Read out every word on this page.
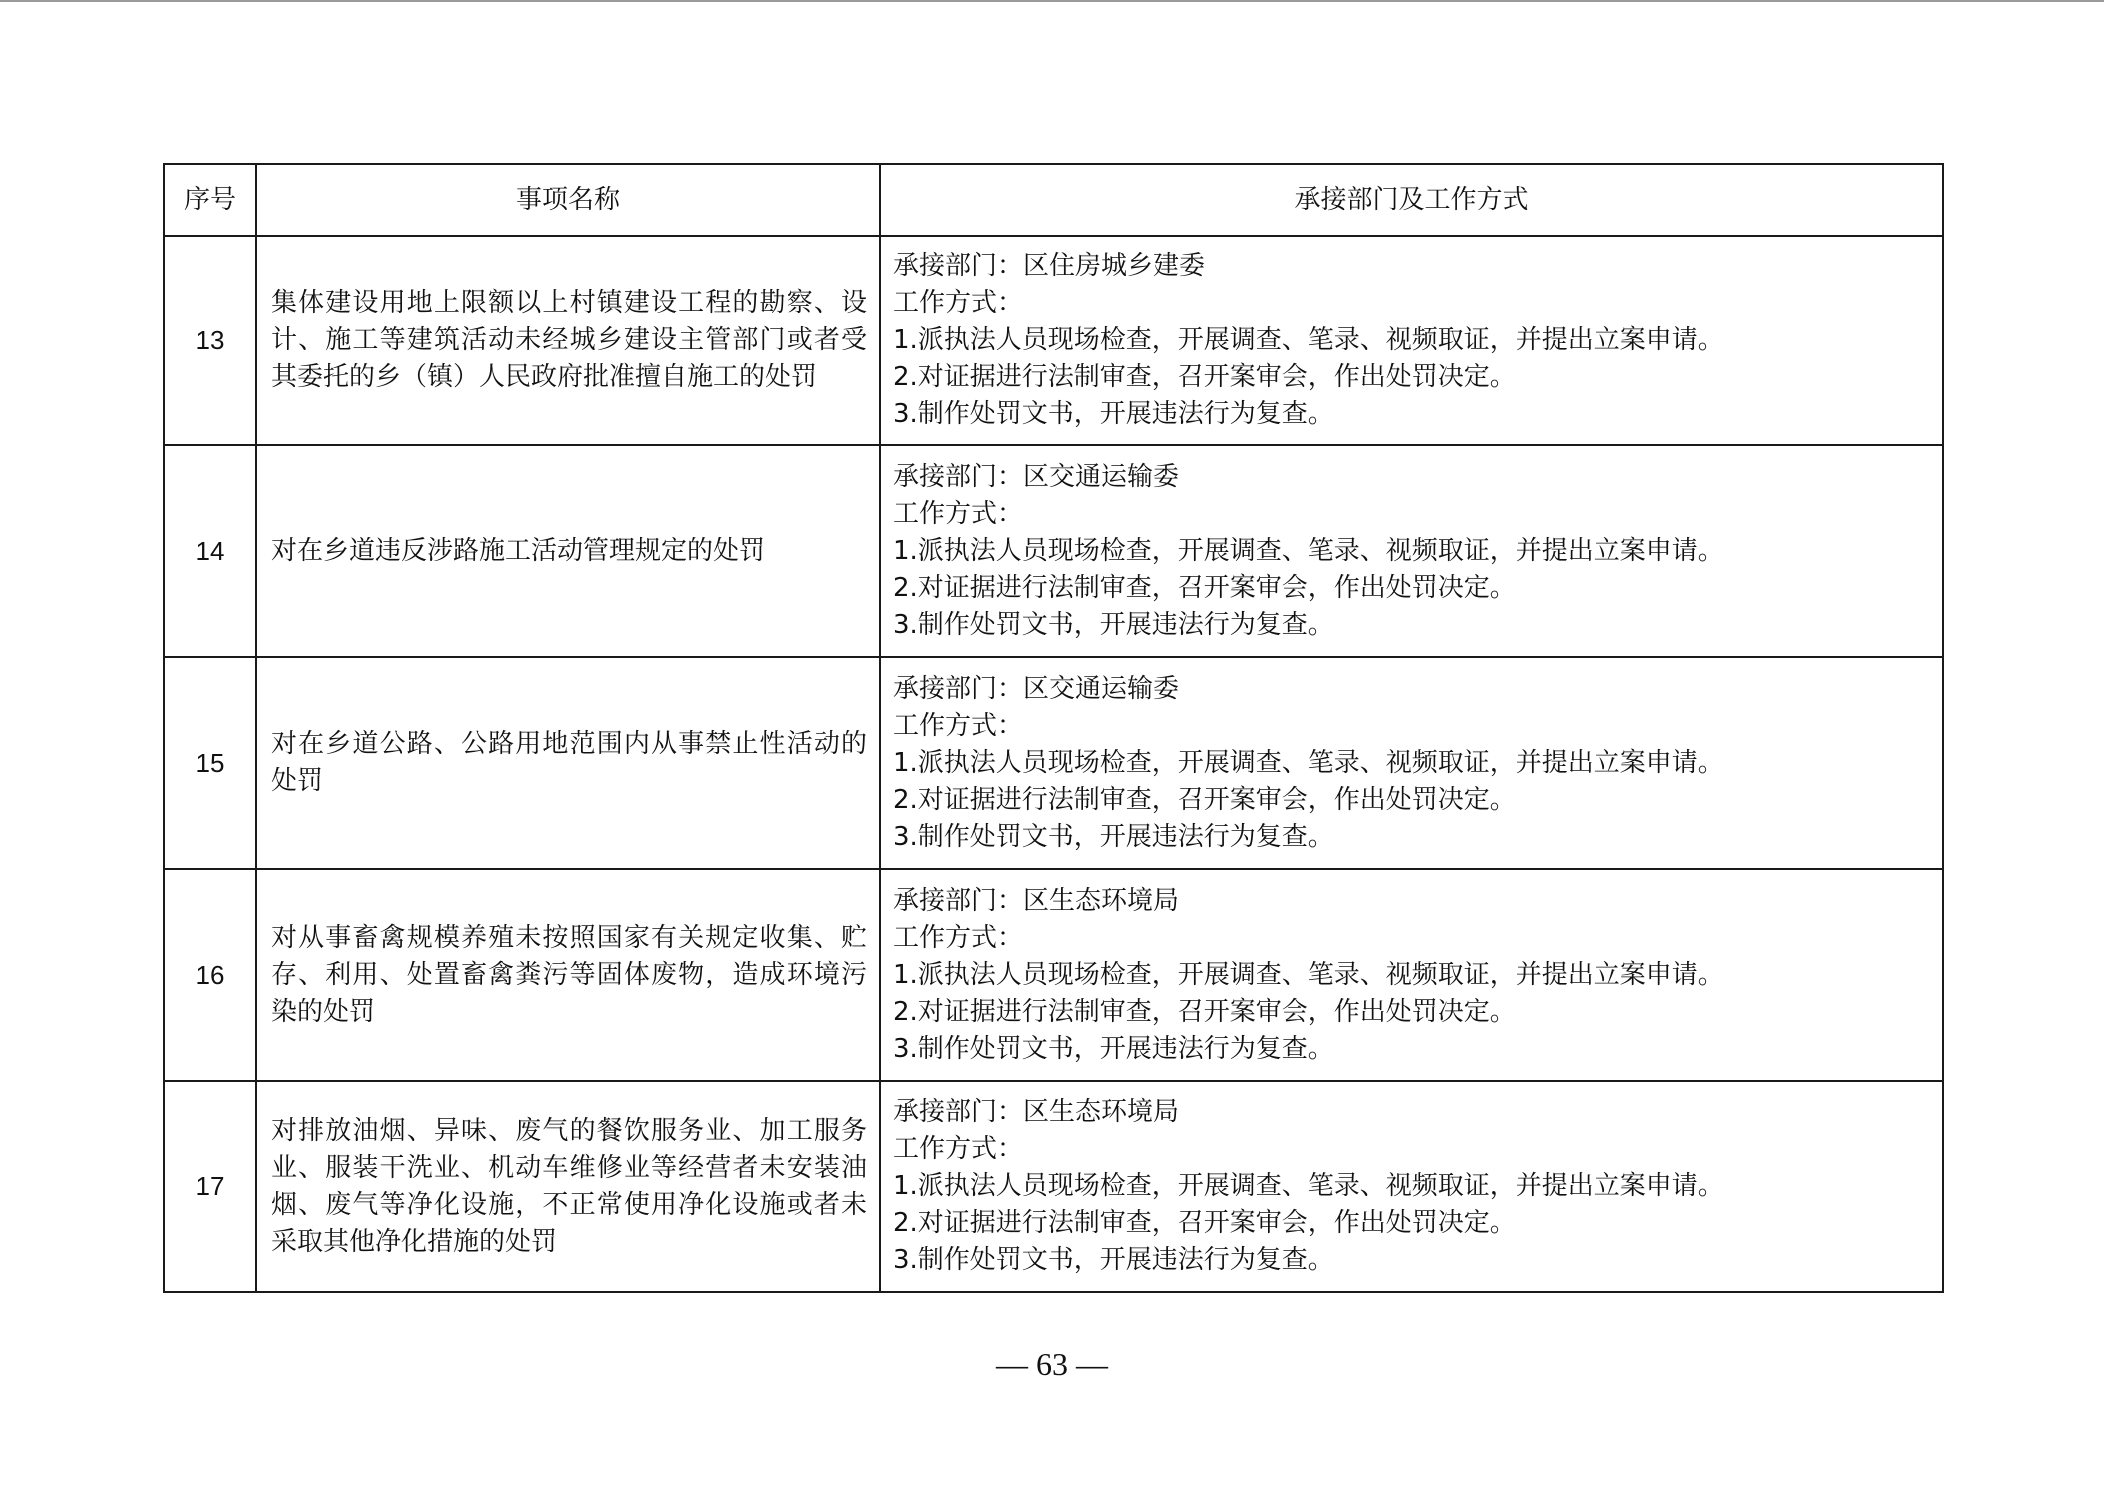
序号	事项名称	承接部门及工作方式
13	集体建设用地上限额以上村镇建设工程的勘察、设计、施工等建筑活动未经城乡建设主管部门或者受其委托的乡（镇）人民政府批准擅自施工的处罚	承接部门：区住房城乡建委
工作方式：
1.派执法人员现场检查，开展调查、笔录、视频取证，并提出立案申请。
2.对证据进行法制审查，召开案审会，作出处罚决定。
3.制作处罚文书，开展违法行为复查。

14	对在乡道违反涉路施工活动管理规定的处罚	承接部门：区交通运输委
工作方式：
1.派执法人员现场检查，开展调查、笔录、视频取证，并提出立案申请。
2.对证据进行法制审查，召开案审会，作出处罚决定。
3.制作处罚文书，开展违法行为复查。

15	对在乡道公路、公路用地范围内从事禁止性活动的处罚	承接部门：区交通运输委
工作方式：
1.派执法人员现场检查，开展调查、笔录、视频取证，并提出立案申请。
2.对证据进行法制审查，召开案审会，作出处罚决定。
3.制作处罚文书，开展违法行为复查。

16	对从事畜禽规模养殖未按照国家有关规定收集、贮存、利用、处置畜禽粪污等固体废物，造成环境污染的处罚	承接部门：区生态环境局
工作方式：
1.派执法人员现场检查，开展调查、笔录、视频取证，并提出立案申请。
2.对证据进行法制审查，召开案审会，作出处罚决定。
3.制作处罚文书，开展违法行为复查。

17	对排放油烟、异味、废气的餐饮服务业、加工服务业、服装干洗业、机动车维修业等经营者未安装油烟、废气等净化设施，不正常使用净化设施或者未采取其他净化措施的处罚	承接部门：区生态环境局
工作方式：
1.派执法人员现场检查，开展调查、笔录、视频取证，并提出立案申请。
2.对证据进行法制审查，召开案审会，作出处罚决定。
3.制作处罚文书，开展违法行为复查。
— 63 —
